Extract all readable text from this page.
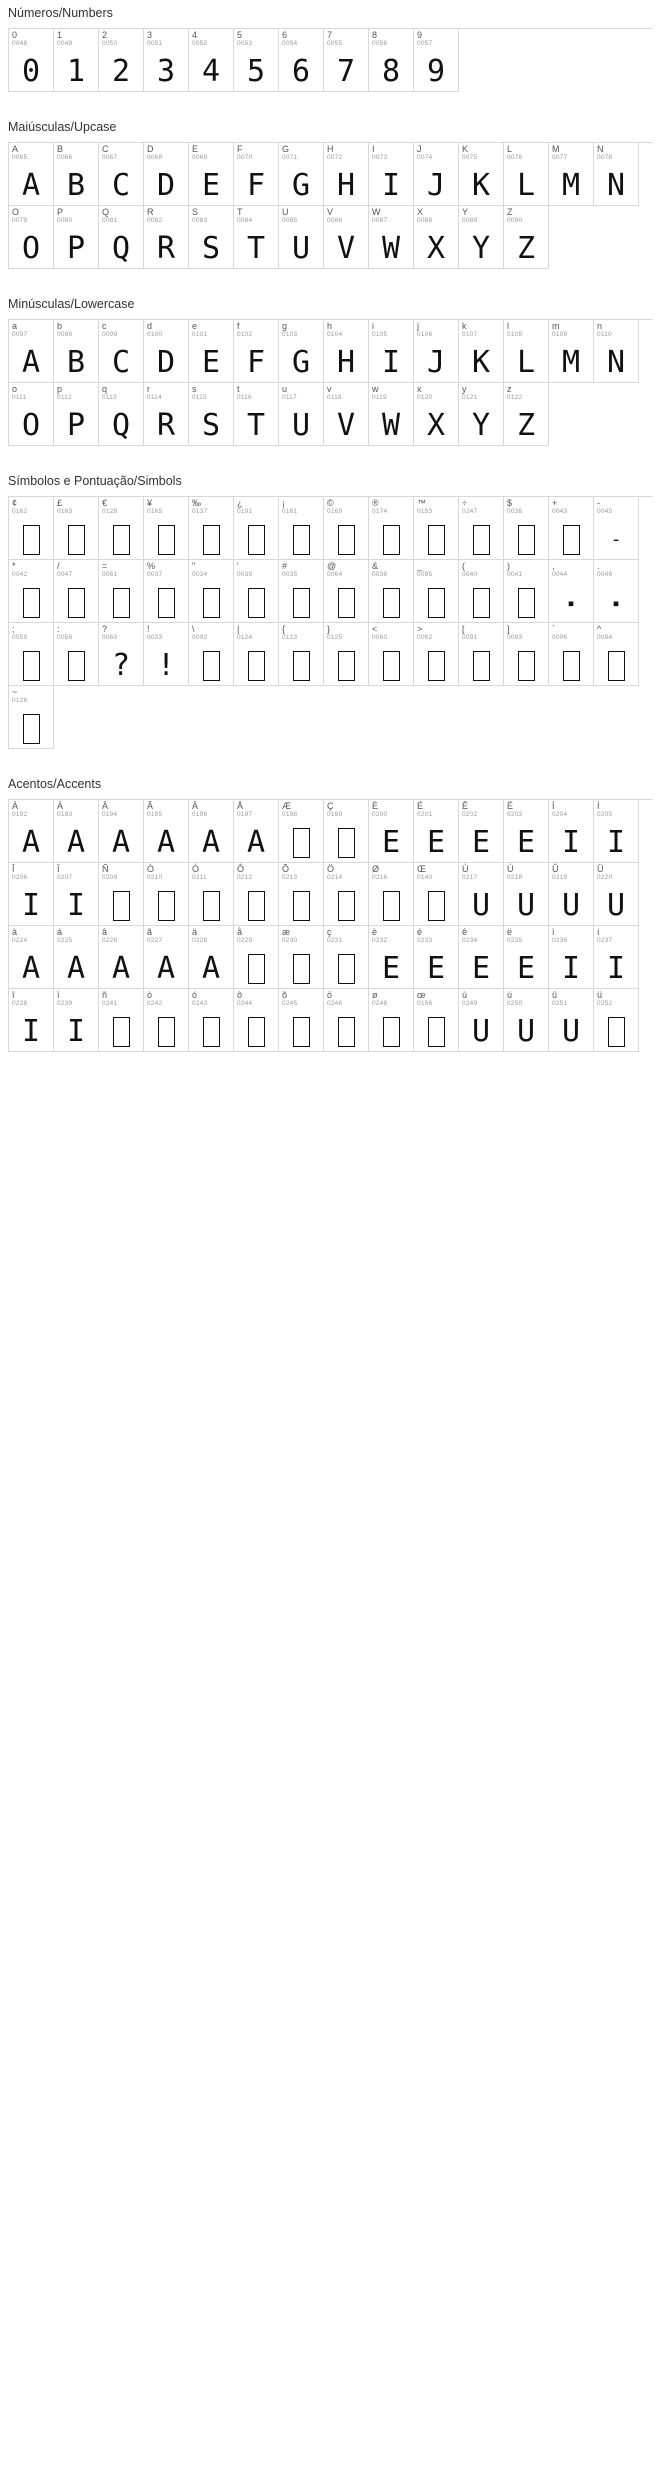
Números/Numbers
0
0048
0
1
0049
1
2
0050
2
3
0051
3
4
0052
4
5
0053
5
6
0054
6
7
0055
7
8
0056
8
9
0057
9
Maiúsculas/Upcase
A
0065
A
B
0066
B
C
0067
C
D
0068
D
E
0069
E
F
0070
F
G
0071
G
H
0072
H
I
0073
I
J
0074
J
K
0075
K
L
0076
L
M
0077
M
N
0078
N
O
0079
O
P
0080
P
Q
0081
Q
R
0082
R
S
0083
S
T
0084
T
U
0085
U
V
0086
V
W
0087
W
X
0088
X
Y
0089
Y
Z
0090
Z
Minúsculas/Lowercase
a
0097
A
b
0098
B
c
0099
C
d
0100
D
e
0101
E
f
0102
F
g
0103
G
h
0104
H
i
0105
I
j
0106
J
k
0107
K
l
0108
L
m
0109
M
n
0110
N
o
0111
O
p
0112
P
q
0113
Q
r
0114
R
s
0115
S
t
0116
T
u
0117
U
v
0118
V
w
0119
W
x
0120
X
y
0121
Y
z
0122
Z
Símbolos e Pontuação/Simbols
¢
0162
£
0163
€
0128
¥
0165
‰
0137
¿
0191
¡
0161
©
0169
®
0174
™
0153
÷
0247
$
0036
+
0043
-
0045
-
*
0042
/
0047
=
0061
%
0037
"
0034
'
0039
#
0035
@
0064
&
0038
_
0095
(
0040
)
0041
,
0044
▪
.
0046
▪
;
0059
:
0058
?
0063
?
!
0033
!
\
0092
|
0124
{
0123
}
0125
<
0060
>
0062
[
0091
]
0093
`
0096
^
0094
~
0126
Acentos/Accents
À
0192
A
Á
0193
A
Â
0194
A
Ã
0195
A
Ä
0196
A
Å
0197
A
Æ
0198
Ç
0199
È
0200
E
É
0201
E
Ê
0202
E
Ë
0203
E
Ì
0204
I
Í
0205
I
Î
0206
I
Ï
0207
I
Ñ
0209
Ò
0210
Ó
0211
Ô
0212
Õ
0213
Ö
0214
Ø
0216
Œ
0140
Ù
0217
U
Ú
0218
U
Û
0219
U
Ü
0220
U
à
0224
A
á
0225
A
â
0226
A
ã
0227
A
ä
0228
A
å
0229
æ
0230
ç
0231
è
0232
E
é
0233
E
ê
0234
E
ë
0235
E
ì
0236
I
í
0237
I
î
0238
I
ï
0239
I
ñ
0241
ò
0242
ó
0243
ô
0244
õ
0245
ö
0246
ø
0248
œ
0156
ù
0249
U
ú
0250
U
û
0251
U
ü
0252
